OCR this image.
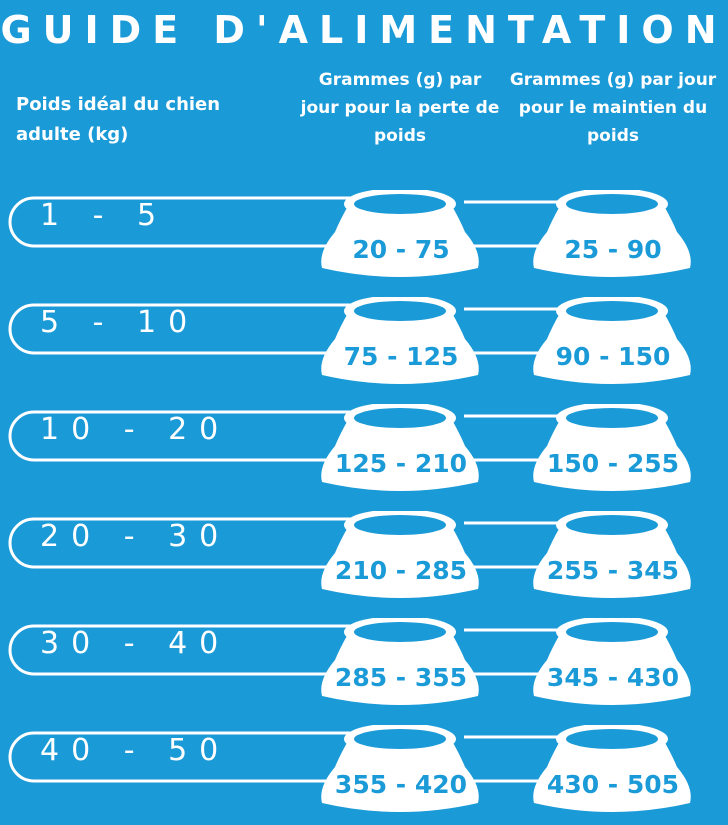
GUIDE D'ALIMENTATION
Poids idéal du chien adulte (kg)
Grammes (g) par jour pour la perte de poids
Grammes (g) par jour pour le maintien du poids
1 - 5
20 - 75	25 - 90
5 - 10
75 - 125	90 - 150
10 - 20
125 - 210	150 - 255
20 - 30
210 - 285	255 - 345
30 - 40
285 - 355	345 - 430
40 - 50
355 - 420	430 - 505
